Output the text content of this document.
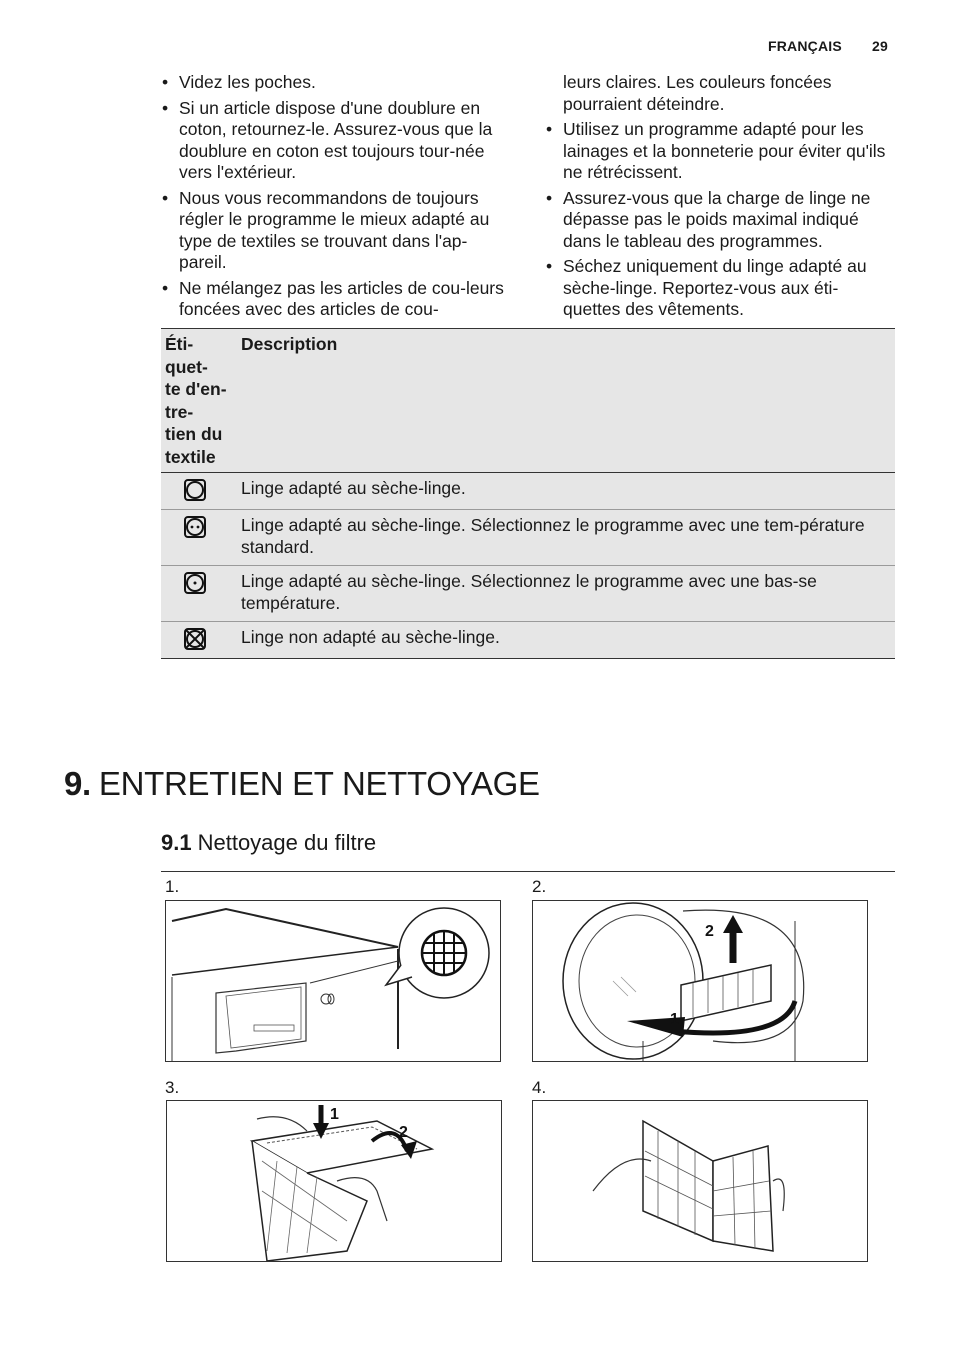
FRANÇAIS 29
• Videz les poches.
• Si un article dispose d'une doublure en coton, retournez-le. Assurez-vous que la doublure en coton est toujours tour-née vers l'extérieur.
• Nous vous recommandons de toujours régler le programme le mieux adapté au type de textiles se trouvant dans l'ap-pareil.
• Ne mélangez pas les articles de cou-leurs foncées avec des articles de cou-
leurs claires. Les couleurs foncées pourraient déteindre.
• Utilisez un programme adapté pour les lainages et la bonneterie pour éviter qu'ils ne rétrécissent.
• Assurez-vous que la charge de linge ne dépasse pas le poids maximal indiqué dans le tableau des programmes.
• Séchez uniquement du linge adapté au sèche-linge. Reportez-vous aux éti-quettes des vêtements.
Éti- quet- te d'en- tre- tien du textile	Description

	Linge adapté au sèche-linge.

	Linge adapté au sèche-linge. Sélectionnez le programme avec une tem-pérature standard.

	Linge adapté au sèche-linge. Sélectionnez le programme avec une bas-se température.

	Linge non adapté au sèche-linge.
9. ENTRETIEN ET NETTOYAGE
9.1 Nettoyage du filtre
1.	2.
2
1
3.
1
2
4.
